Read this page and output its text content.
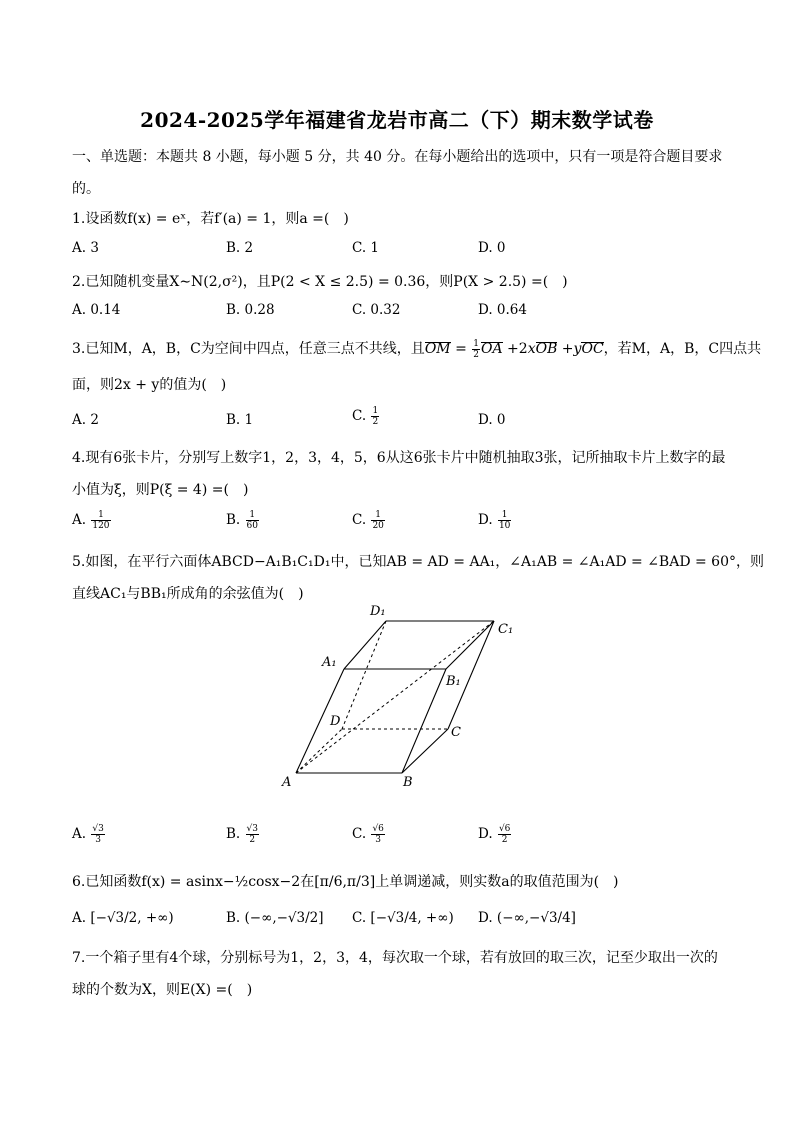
2024-2025学年福建省龙岩市高二（下）期末数学试卷
一、单选题：本题共 8 小题，每小题 5 分，共 40 分。在每小题给出的选项中，只有一项是符合题目要求
的。
1.设函数f(x) = eˣ，若f′(a) = 1，则a =(　)
A. 3	B. 2	C. 1	D. 0
2.已知随机变量X∼N(2,σ²)，且P(2 < X ≤ 2.5) = 0.36，则P(X > 2.5) =(　)
A. 0.14	B. 0.28	C. 0.32	D. 0.64
3.已知M，A，B，C为空间中四点，任意三点不共线，且OM = $\frac{1}{2}$ OA +2xOB +yOC，若M，A，B，C四点共
面，则2x + y的值为(　)
A. 2	B. 1	C. $\frac{1}{2}$	D. 0
4.现有6张卡片，分别写上数字1，2，3，4，5，6从这6张卡片中随机抽取3张，记所抽取卡片上数字的最
小值为ξ，则P(ξ = 4) =(　)
A. $\frac{1}{120}$	B. $\frac{1}{60}$	C. $\frac{1}{20}$	D. $\frac{1}{10}$
5.如图，在平行六面体ABCD−A₁B₁C₁D₁中，已知AB = AD = AA₁，∠A₁AB = ∠A₁AD = ∠BAD = 60°，则
直线AC₁与BB₁所成角的余弦值为(　)
D₁
C₁
A₁
B₁
D
C
A	B
A. $\frac{√3}{3}$	B. $\frac{√3}{2}$	C. $\frac{√6}{3}$	D. $\frac{√6}{2}$
6.已知函数f(x) = asinx−½cosx−2在[π/6,π/3]上单调递减，则实数a的取值范围为(　)
A. [−√3/2, +∞)	B. (−∞,−√3/2] C. [−√3/4, +∞) D. (−∞,−√3/4]
7.一个箱子里有4个球，分别标号为1，2，3，4，每次取一个球，若有放回的取三次，记至少取出一次的
球的个数为X，则E(X) =(　)
